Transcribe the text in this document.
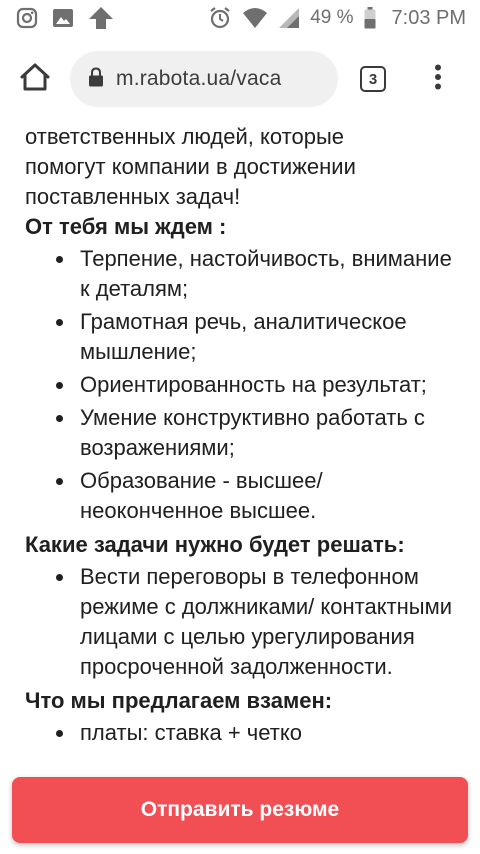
49 % 7:03 PM
m.rabota.ua/vaca	3

ответственных людей, которые

помогут компании в достижении

поставленных задач!

От тебя мы ждем :
Терпение, настойчивость, внимание к деталям;
Грамотная речь, аналитическое мышление;
Ориентированность на результат;
Умение конструктивно работать с возражениями;
Образование - высшее/ неоконченное высшее.
Какие задачи нужно будет решать:
Вести переговоры в телефонном режиме с должниками/ контактными лицами с целью урегулирования просроченной задолженности.
Что мы предлагаем взамен:
платы: ставка + четко
Отправить резюме
